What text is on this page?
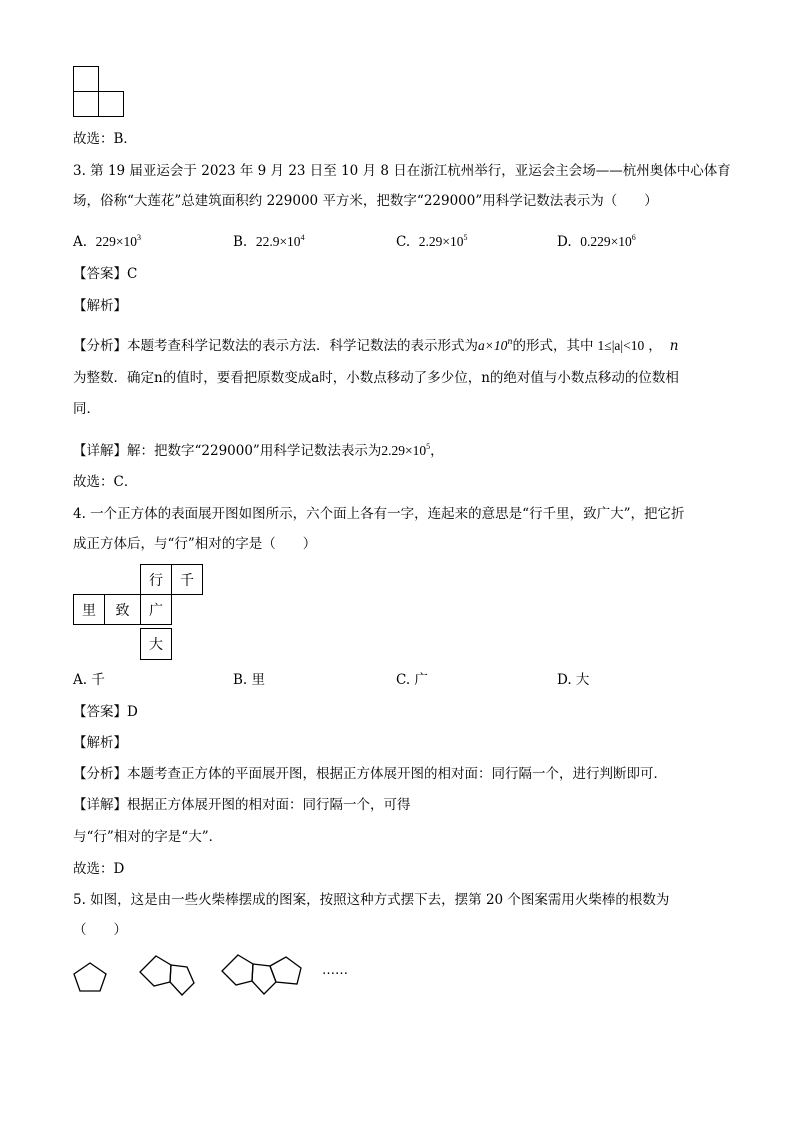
故选：B．
3. 第 19 届亚运会于 2023 年 9 月 23 日至 10 月 8 日在浙江杭州举行，亚运会主会场——杭州奥体中心体育
场，俗称“大莲花”总建筑面积约 229000 平方米，把数字“229000”用科学记数法表示为（　　）
A. $229\times 10^3$	B. $22.9\times 10^4$	C. $2.29\times 10^5$	D. $0.229\times 10^6$
【答案】C
【解析】
【分析】本题考查科学记数法的表示方法．科学记数法的表示形式为$a\times 10^n$的形式，其中 1≤|a|<10 ， n
为整数．确定n的值时，要看把原数变成a时，小数点移动了多少位，n的绝对值与小数点移动的位数相
同．
【详解】解：把数字“229000”用科学记数法表示为$2.29\times 10^5$，
故选：C．
4. 一个正方体的表面展开图如图所示，六个面上各有一字，连起来的意思是“行千里，致广大”，把它折
成正方体后，与“行”相对的字是（　　）
行	千
里	致	广
大
A. 千	B. 里	C. 广	D. 大
【答案】D
【解析】
【分析】本题考查正方体的平面展开图，根据正方体展开图的相对面：同行隔一个，进行判断即可．
【详解】根据正方体展开图的相对面：同行隔一个，可得
与“行”相对的字是“大”．
故选：D
5. 如图，这是由一些火柴棒摆成的图案，按照这种方式摆下去，摆第 20 个图案需用火柴棒的根数为
（　　）
……
